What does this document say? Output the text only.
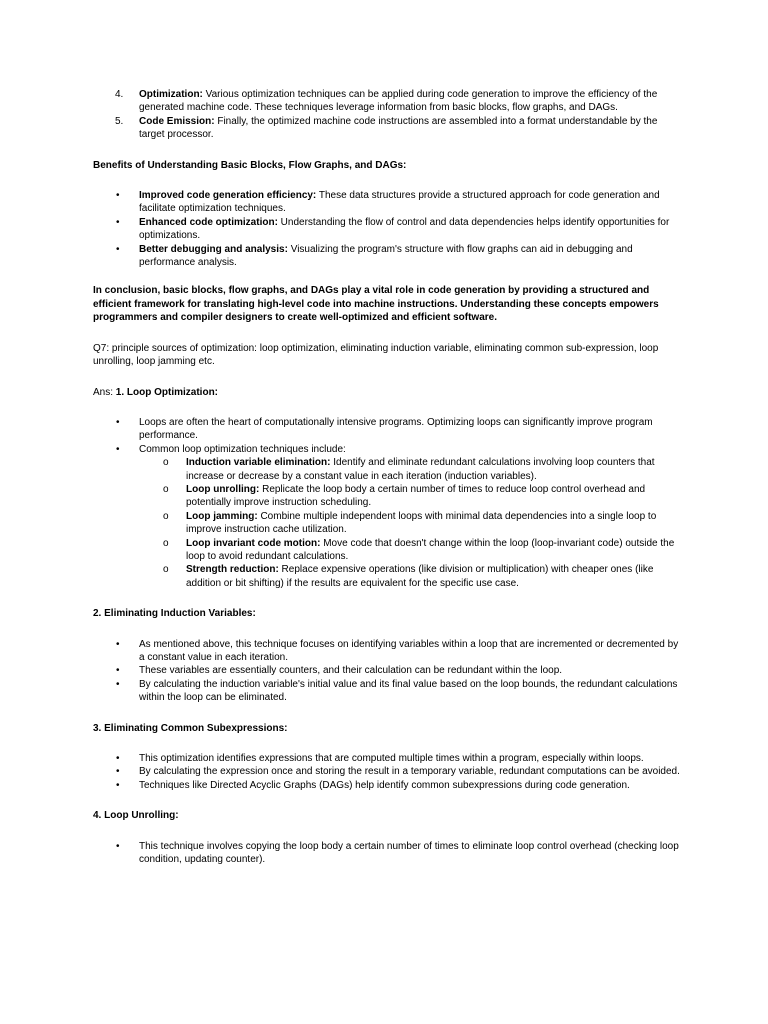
4. Optimization: Various optimization techniques can be applied during code generation to improve the efficiency of the generated machine code. These techniques leverage information from basic blocks, flow graphs, and DAGs.
5. Code Emission: Finally, the optimized machine code instructions are assembled into a format understandable by the target processor.

Benefits of Understanding Basic Blocks, Flow Graphs, and DAGs:

• Improved code generation efficiency: These data structures provide a structured approach for code generation and facilitate optimization techniques.
• Enhanced code optimization: Understanding the flow of control and data dependencies helps identify opportunities for optimizations.
• Better debugging and analysis: Visualizing the program's structure with flow graphs can aid in debugging and performance analysis.

In conclusion, basic blocks, flow graphs, and DAGs play a vital role in code generation by providing a structured and efficient framework for translating high-level code into machine instructions. Understanding these concepts empowers programmers and compiler designers to create well-optimized and efficient software.

Q7: principle sources of optimization: loop optimization, eliminating induction variable, eliminating common sub-expression, loop unrolling, loop jamming etc.

Ans: 1. Loop Optimization:

• Loops are often the heart of computationally intensive programs. Optimizing loops can significantly improve program performance.
• Common loop optimization techniques include:
o Induction variable elimination: Identify and eliminate redundant calculations involving loop counters that increase or decrease by a constant value in each iteration (induction variables).
o Loop unrolling: Replicate the loop body a certain number of times to reduce loop control overhead and potentially improve instruction scheduling.
o Loop jamming: Combine multiple independent loops with minimal data dependencies into a single loop to improve instruction cache utilization.
o Loop invariant code motion: Move code that doesn't change within the loop (loop-invariant code) outside the loop to avoid redundant calculations.
o Strength reduction: Replace expensive operations (like division or multiplication) with cheaper ones (like addition or bit shifting) if the results are equivalent for the specific use case.

2. Eliminating Induction Variables:

• As mentioned above, this technique focuses on identifying variables within a loop that are incremented or decremented by a constant value in each iteration.
• These variables are essentially counters, and their calculation can be redundant within the loop.
• By calculating the induction variable's initial value and its final value based on the loop bounds, the redundant calculations within the loop can be eliminated.

3. Eliminating Common Subexpressions:

• This optimization identifies expressions that are computed multiple times within a program, especially within loops.
• By calculating the expression once and storing the result in a temporary variable, redundant computations can be avoided.
• Techniques like Directed Acyclic Graphs (DAGs) help identify common subexpressions during code generation.

4. Loop Unrolling:

• This technique involves copying the loop body a certain number of times to eliminate loop control overhead (checking loop condition, updating counter).
